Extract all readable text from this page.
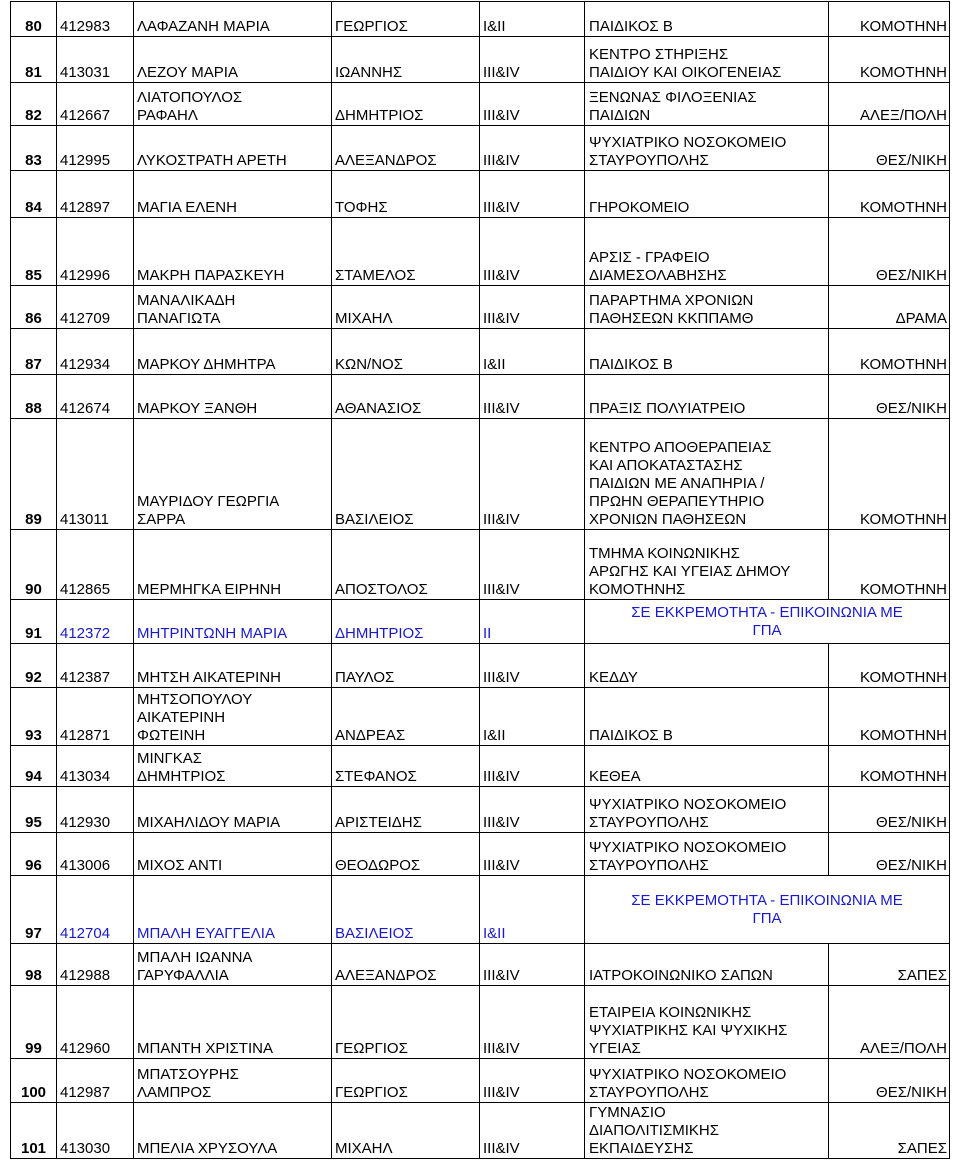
80	412983	ΛΑΦΑΖΑΝΗ ΜΑΡΙΑ	ΓΕΩΡΓΙΟΣ	I&II	ΠΑΙΔΙΚΟΣ Β	ΚΟΜΟΤΗΝΗ
81	413031	ΛΕΖΟΥ ΜΑΡΙΑ	ΙΩΑΝΝΗΣ	III&IV	ΚΕΝΤΡΟ ΣΤΗΡΙΞΗΣ
ΠΑΙΔΙΟΥ ΚΑΙ ΟΙΚΟΓΕΝΕΙΑΣ	ΚΟΜΟΤΗΝΗ
82	412667	ΛΙΑΤΟΠΟΥΛΟΣ
ΡΑΦΑΗΛ	ΔΗΜΗΤΡΙΟΣ	III&IV	ΞΕΝΩΝΑΣ ΦΙΛΟΞΕΝΙΑΣ
ΠΑΙΔΙΩΝ	ΑΛΕΞ/ΠΟΛΗ
83	412995	ΛΥΚΟΣΤΡΑΤΗ ΑΡΕΤΗ	ΑΛΕΞΑΝΔΡΟΣ	III&IV	ΨΥΧΙΑΤΡΙΚΟ ΝΟΣΟΚΟΜΕΙΟ
ΣΤΑΥΡΟΥΠΟΛΗΣ	ΘΕΣ/ΝΙΚΗ
84	412897	ΜΑΓΙΑ ΕΛΕΝΗ	ΤΟΦΗΣ	III&IV	ΓΗΡΟΚΟΜΕΙΟ	ΚΟΜΟΤΗΝΗ
85	412996	ΜΑΚΡΗ ΠΑΡΑΣΚΕΥΗ	ΣΤΑΜΕΛΟΣ	III&IV	ΑΡΣΙΣ - ΓΡΑΦΕΙΟ
ΔΙΑΜΕΣΟΛΑΒΗΣΗΣ	ΘΕΣ/ΝΙΚΗ
86	412709	ΜΑΝΑΛΙΚΑΔΗ
ΠΑΝΑΓΙΩΤΑ	ΜΙΧΑΗΛ	III&IV	ΠΑΡΑΡΤΗΜΑ ΧΡΟΝΙΩΝ
ΠΑΘΗΣΕΩΝ ΚΚΠΠΑΜΘ	ΔΡΑΜΑ
87	412934	ΜΑΡΚΟΥ ΔΗΜΗΤΡΑ	ΚΩΝ/ΝΟΣ	I&II	ΠΑΙΔΙΚΟΣ Β	ΚΟΜΟΤΗΝΗ
88	412674	ΜΑΡΚΟΥ ΞΑΝΘΗ	ΑΘΑΝΑΣΙΟΣ	III&IV	ΠΡΑΞΙΣ ΠΟΛΥΙΑΤΡΕΙΟ	ΘΕΣ/ΝΙΚΗ
89	413011	ΜΑΥΡΙΔΟΥ ΓΕΩΡΓΙΑ
ΣΑΡΡΑ	ΒΑΣΙΛΕΙΟΣ	III&IV	ΚΕΝΤΡΟ ΑΠΟΘΕΡΑΠΕΙΑΣ
ΚΑΙ ΑΠΟΚΑΤΑΣΤΑΣΗΣ
ΠΑΙΔΙΩΝ ΜΕ ΑΝΑΠΗΡΙΑ /
ΠΡΩΗΝ ΘΕΡΑΠΕΥΤΗΡΙΟ
ΧΡΟΝΙΩΝ ΠΑΘΗΣΕΩΝ	ΚΟΜΟΤΗΝΗ
90	412865	ΜΕΡΜΗΓΚΑ ΕΙΡΗΝΗ	ΑΠΟΣΤΟΛΟΣ	III&IV	ΤΜΗΜΑ ΚΟΙΝΩΝΙΚΗΣ
ΑΡΩΓΗΣ ΚΑΙ ΥΓΕΙΑΣ ΔΗΜΟΥ
ΚΟΜΟΤΗΝΗΣ	ΚΟΜΟΤΗΝΗ
91	412372	ΜΗΤΡΙΝΤΩΝΗ ΜΑΡΙΑ	ΔΗΜΗΤΡΙΟΣ	II	ΣΕ ΕΚΚΡΕΜΟΤΗΤΑ - ΕΠΙΚΟΙΝΩΝΙΑ ΜΕ
ΓΠΑ	
92	412387	ΜΗΤΣΗ ΑΙΚΑΤΕΡΙΝΗ	ΠΑΥΛΟΣ	III&IV	ΚΕΔΔΥ	ΚΟΜΟΤΗΝΗ
93	412871	ΜΗΤΣΟΠΟΥΛΟΥ
ΑΙΚΑΤΕΡΙΝΗ
ΦΩΤΕΙΝΗ	ΑΝΔΡΕΑΣ	I&II	ΠΑΙΔΙΚΟΣ Β	ΚΟΜΟΤΗΝΗ
94	413034	ΜΙΝΓΚΑΣ
ΔΗΜΗΤΡΙΟΣ	ΣΤΕΦΑΝΟΣ	III&IV	ΚΕΘΕΑ	ΚΟΜΟΤΗΝΗ
95	412930	ΜΙΧΑΗΛΙΔΟΥ ΜΑΡΙΑ	ΑΡΙΣΤΕΙΔΗΣ	III&IV	ΨΥΧΙΑΤΡΙΚΟ ΝΟΣΟΚΟΜΕΙΟ
ΣΤΑΥΡΟΥΠΟΛΗΣ	ΘΕΣ/ΝΙΚΗ
96	413006	ΜΙΧΟΣ ΑΝΤΙ	ΘΕΟΔΩΡΟΣ	III&IV	ΨΥΧΙΑΤΡΙΚΟ ΝΟΣΟΚΟΜΕΙΟ
ΣΤΑΥΡΟΥΠΟΛΗΣ	ΘΕΣ/ΝΙΚΗ
97	412704	ΜΠΑΛΗ ΕΥΑΓΓΕΛΙΑ	ΒΑΣΙΛΕΙΟΣ	I&II	ΣΕ ΕΚΚΡΕΜΟΤΗΤΑ - ΕΠΙΚΟΙΝΩΝΙΑ ΜΕ
ΓΠΑ	
98	412988	ΜΠΑΛΗ ΙΩΑΝΝΑ
ΓΑΡΥΦΑΛΛΙΑ	ΑΛΕΞΑΝΔΡΟΣ	III&IV	ΙΑΤΡΟΚΟΙΝΩΝΙΚΟ ΣΑΠΩΝ	ΣΑΠΕΣ
99	412960	ΜΠΑΝΤΗ ΧΡΙΣΤΙΝΑ	ΓΕΩΡΓΙΟΣ	III&IV	ΕΤΑΙΡΕΙΑ ΚΟΙΝΩΝΙΚΗΣ
ΨΥΧΙΑΤΡΙΚΗΣ ΚΑΙ ΨΥΧΙΚΗΣ
ΥΓΕΙΑΣ	ΑΛΕΞ/ΠΟΛΗ
100	412987	ΜΠΑΤΣΟΥΡΗΣ
ΛΑΜΠΡΟΣ	ΓΕΩΡΓΙΟΣ	III&IV	ΨΥΧΙΑΤΡΙΚΟ ΝΟΣΟΚΟΜΕΙΟ
ΣΤΑΥΡΟΥΠΟΛΗΣ	ΘΕΣ/ΝΙΚΗ
101	413030	ΜΠΕΛΙΑ ΧΡΥΣΟΥΛΑ	ΜΙΧΑΗΛ	III&IV	ΓΥΜΝΑΣΙΟ
ΔΙΑΠΟΛΙΤΙΣΜΙΚΗΣ
ΕΚΠΑΙΔΕΥΣΗΣ	ΣΑΠΕΣ
